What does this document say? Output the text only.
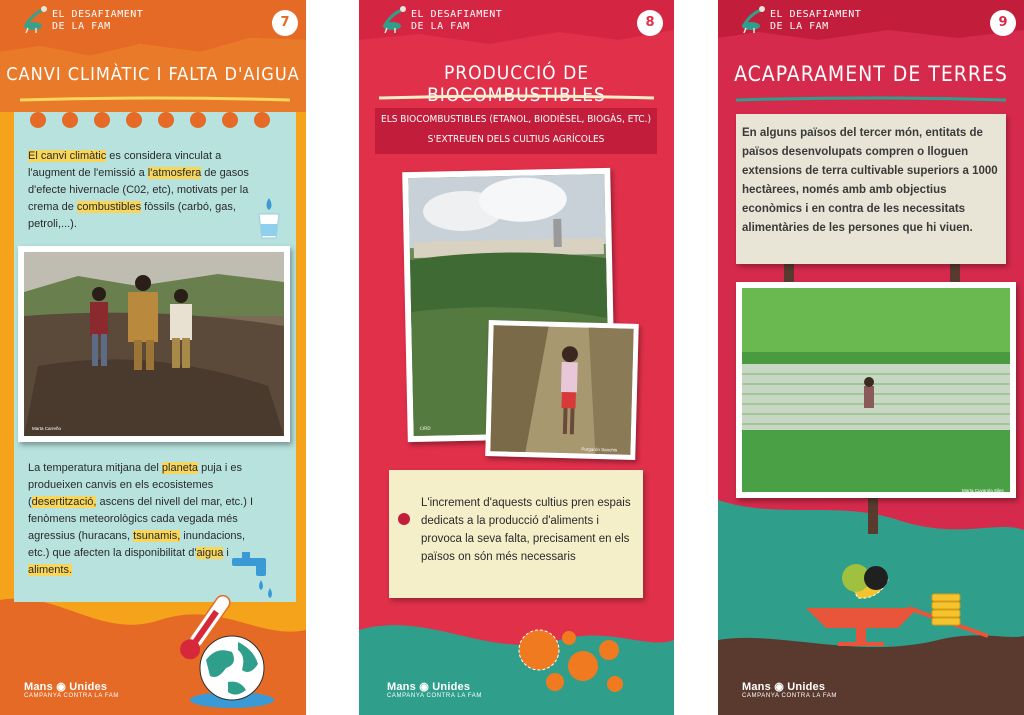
EL DESAFIAMENT
DE LA FAM	7
CANVI CLIMÀTIC I FALTA D'AIGUA
El canvi climàtic es considera vinculat a l'augment de l'emissió a l'atmosfera de gasos d'efecte hivernacle (C02, etc), motivats per la crema de combustibles fòssils (carbó, gas, petroli,...).
Marta Carreño
La temperatura mitjana del planeta puja i es produeixen canvis en els ecosistemes (desertització, ascens del nivell del mar, etc.) I fenòmens meteorològics cada vegada més agressius (huracans, tsunamis, inundacions, etc.) que afecten la disponibilitat d'aigua i aliments.
Mans ◉ Unides
CAMPANYA CONTRA LA FAM
EL DESAFIAMENT
DE LA FAM	8
PRODUCCIÓ DE BIOCOMBUSTIBLES
ELS BIOCOMBUSTIBLES (ETANOL, BIODIÈSEL, BIOGÀS, ETC.)
S'EXTREUEN DELS CULTIUS AGRÍCOLES
CIRD
Purgarón Sanchis
L'increment d'aquests cultius pren espais dedicats a la producció d'aliments i provoca la seva falta, precisament en els països on són més necessaris
Mans ◉ Unides
CAMPANYA CONTRA LA FAM
EL DESAFIAMENT
DE LA FAM	9
ACAPARAMENT DE TERRES
En alguns països del tercer món, entitats de països desenvolupats compren o lloguen extensions de terra cultivable superiors a 1000 hectàrees, només amb amb objectius econòmics i en contra de les necessitats alimentàries de les persones que hi viuen.
Marta Cuyarola Siles
Mans ◉ Unides
CAMPANYA CONTRA LA FAM
